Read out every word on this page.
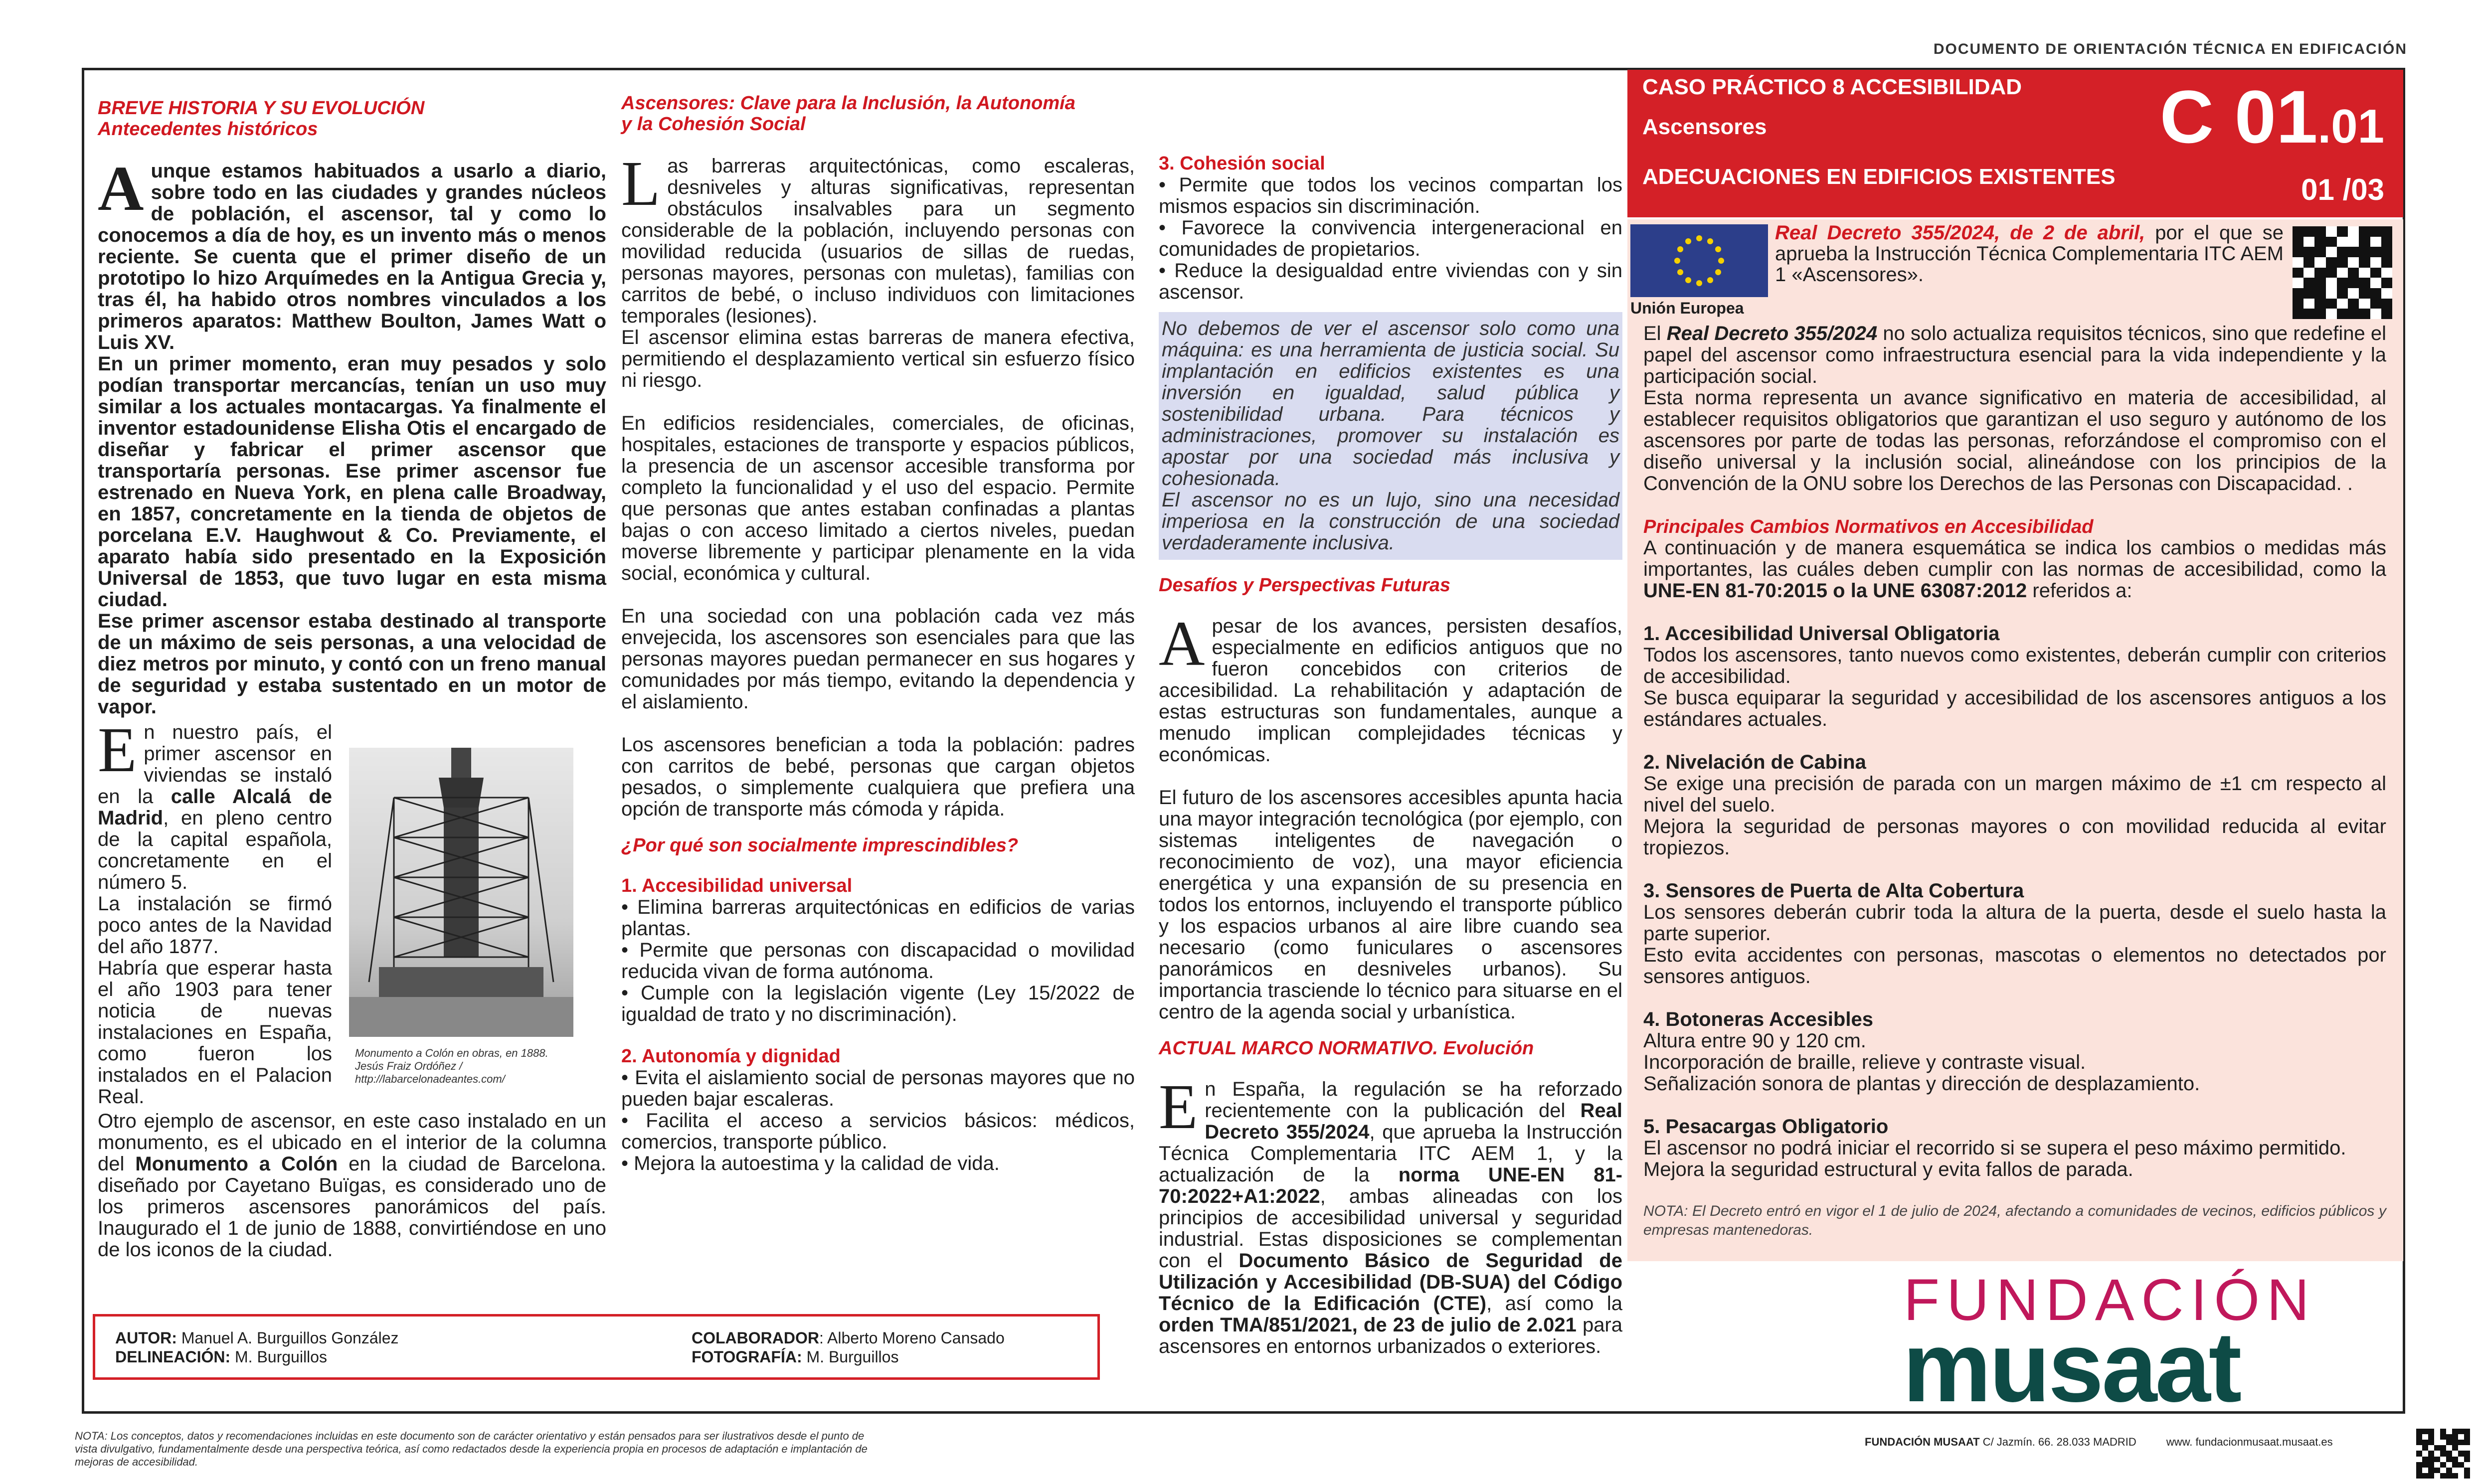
DOCUMENTO DE ORIENTACIÓN TÉCNICA EN EDIFICACIÓN
BREVE HISTORIA Y SU EVOLUCIÓN
Antecedentes históricos

Aunque estamos habituados a usarlo a diario, sobre todo en las ciudades y grandes núcleos de población, el ascensor, tal y como lo conocemos a día de hoy, es un invento más o menos reciente. Se cuenta que el primer diseño de un prototipo lo hizo Arquímedes en la Antigua Grecia y, tras él, ha habido otros nombres vinculados a los primeros aparatos: Matthew Boulton, James Watt o Luis XV.

En un primer momento, eran muy pesados y solo podían transportar mercancías, tenían un uso muy similar a los actuales montacargas. Ya finalmente el inventor estadounidense Elisha Otis el encargado de diseñar y fabricar el primer ascensor que transportaría personas. Ese primer ascensor fue estrenado en Nueva York, en plena calle Broadway, en 1857, concretamente en la tienda de objetos de porcelana E.V. Haughwout & Co. Previamente, el aparato había sido presentado en la Exposición Universal de 1853, que tuvo lugar en esta misma ciudad.

Ese primer ascensor estaba destinado al transporte de un máximo de seis personas, a una velocidad de diez metros por minuto, y contó con un freno manual de seguridad y estaba sustentado en un motor de vapor.

En nuestro país, el primer ascensor en viviendas se instaló en la calle Alcalá de Madrid, en pleno centro de la capital española, concretamente en el número 5.

La instalación se firmó poco antes de la Navidad del año 1877.

Habría que esperar hasta el año 1903 para tener noticia de nuevas instalaciones en España, como fueron los instalados en el Palacion Real.

Monumento a Colón en obras, en 1888. Jesús Fraiz Ordóñez / http://labarcelonadeantes.com/

Otro ejemplo de ascensor, en este caso instalado en un monumento, es el ubicado en el interior de la columna del Monumento a Colón en la ciudad de Barcelona. diseñado por Cayetano Buïgas, es considerado uno de los primeros ascensores panorámicos del país. Inaugurado el 1 de junio de 1888, convirtiéndose en uno de los iconos de la ciudad.

Ascensores: Clave para la Inclusión, la Autonomía
y la Cohesión Social

Las barreras arquitectónicas, como escaleras, desniveles y alturas significativas, representan obstáculos insalvables para un segmento considerable de la población, incluyendo personas con movilidad reducida (usuarios de sillas de ruedas, personas mayores, personas con muletas), familias con carritos de bebé, o incluso individuos con limitaciones temporales (lesiones).

El ascensor elimina estas barreras de manera efectiva, permitiendo el desplazamiento vertical sin esfuerzo físico ni riesgo.

En edificios residenciales, comerciales, de oficinas, hospitales, estaciones de transporte y espacios públicos, la presencia de un ascensor accesible transforma por completo la funcionalidad y el uso del espacio. Permite que personas que antes estaban confinadas a plantas bajas o con acceso limitado a ciertos niveles, puedan moverse libremente y participar plenamente en la vida social, económica y cultural.

En una sociedad con una población cada vez más envejecida, los ascensores son esenciales para que las personas mayores puedan permanecer en sus hogares y comunidades por más tiempo, evitando la dependencia y el aislamiento.

Los ascensores benefician a toda la población: padres con carritos de bebé, personas que cargan objetos pesados, o simplemente cualquiera que prefiera una opción de transporte más cómoda y rápida.

¿Por qué son socialmente imprescindibles?
1. Accesibilidad universal
• Elimina barreras arquitectónicas en edificios de varias plantas.
• Permite que personas con discapacidad o movilidad reducida vivan de forma autónoma.
• Cumple con la legislación vigente (Ley 15/2022 de igualdad de trato y no discriminación).
2. Autonomía y dignidad
• Evita el aislamiento social de personas mayores que no pueden bajar escaleras.
• Facilita el acceso a servicios básicos: médicos, comercios, transporte público.
• Mejora la autoestima y la calidad de vida.
3. Cohesión social
• Permite que todos los vecinos compartan los mismos espacios sin discriminación.
• Favorece la convivencia intergeneracional en comunidades de propietarios.
• Reduce la desigualdad entre viviendas con y sin ascensor.

No debemos de ver el ascensor solo como una máquina: es una herramienta de justicia social. Su implantación en edificios existentes es una inversión en igualdad, salud pública y sostenibilidad urbana. Para técnicos y administraciones, promover su instalación es apostar por una sociedad más inclusiva y cohesionada.

El ascensor no es un lujo, sino una necesidad imperiosa en la construcción de una sociedad verdaderamente inclusiva.

Desafíos y Perspectivas Futuras

Apesar de los avances, persisten desafíos, especialmente en edificios antiguos que no fueron concebidos con criterios de accesibilidad. La rehabilitación y adaptación de estas estructuras son fundamentales, aunque a menudo implican complejidades técnicas y económicas.

El futuro de los ascensores accesibles apunta hacia una mayor integración tecnológica (por ejemplo, con sistemas inteligentes de navegación o reconocimiento de voz), una mayor eficiencia energética y una expansión de su presencia en todos los entornos, incluyendo el transporte público y los espacios urbanos al aire libre cuando sea necesario (como funiculares o ascensores panorámicos en desniveles urbanos). Su importancia trasciende lo técnico para situarse en el centro de la agenda social y urbanística.

ACTUAL MARCO NORMATIVO. Evolución

En España, la regulación se ha reforzado recientemente con la publicación del Real Decreto 355/2024, que aprueba la Instrucción Técnica Complementaria ITC AEM 1, y la actualización de la norma UNE-EN 81-70:2022+A1:2022, ambas alineadas con los principios de accesibilidad universal y seguridad industrial. Estas disposiciones se complementan con el Documento Básico de Seguridad de Utilización y Accesibilidad (DB-SUA) del Código Técnico de la Edificación (CTE), así como la orden TMA/851/2021, de 23 de julio de 2.021 para ascensores en entornos urbanizados o exteriores.

CASO PRÁCTICO 8 ACCESIBILIDAD
Ascensores
ADECUACIONES EN EDIFICIOS EXISTENTES
C 01.01
01 /03
Unión Europea
Real Decreto 355/2024, de 2 de abril, por el que se aprueba la Instrucción Técnica Complementaria ITC AEM 1 «Ascensores».

El Real Decreto 355/2024 no solo actualiza requisitos técnicos, sino que redefine el papel del ascensor como infraestructura esencial para la vida independiente y la participación social.

Esta norma representa un avance significativo en materia de accesibilidad, al establecer requisitos obligatorios que garantizan el uso seguro y autónomo de los ascensores por parte de todas las personas, reforzándose el compromiso con el diseño universal y la inclusión social, alineándose con los principios de la Convención de la ONU sobre los Derechos de las Personas con Discapacidad. .

Principales Cambios Normativos en Accesibilidad

A continuación y de manera esquemática se indica los cambios o medidas más importantes, las cuáles deben cumplir con las normas de accesibilidad, como la UNE-EN 81-70:2015 o la UNE 63087:2012 referidos a:

1. Accesibilidad Universal Obligatoria

Todos los ascensores, tanto nuevos como existentes, deberán cumplir con criterios de accesibilidad.

Se busca equiparar la seguridad y accesibilidad de los ascensores antiguos a los estándares actuales.

2. Nivelación de Cabina

Se exige una precisión de parada con un margen máximo de ±1 cm respecto al nivel del suelo.

Mejora la seguridad de personas mayores o con movilidad reducida al evitar tropiezos.

3. Sensores de Puerta de Alta Cobertura

Los sensores deberán cubrir toda la altura de la puerta, desde el suelo hasta la parte superior.

Esto evita accidentes con personas, mascotas o elementos no detectados por sensores antiguos.

4. Botoneras Accesibles

Altura entre 90 y 120 cm.

Incorporación de braille, relieve y contraste visual.

Señalización sonora de plantas y dirección de desplazamiento.

5. Pesacargas Obligatorio

El ascensor no podrá iniciar el recorrido si se supera el peso máximo permitido.

Mejora la seguridad estructural y evita fallos de parada.

NOTA: El Decreto entró en vigor el 1 de julio de 2024, afectando a comunidades de vecinos, edificios públicos y empresas mantenedoras.

FUNDACIÓN
musaat
AUTOR: Manuel A. Burguillos González
DELINEACIÓN: M. Burguillos
COLABORADOR: Alberto Moreno Cansado
FOTOGRAFÍA: M. Burguillos
NOTA: Los conceptos, datos y recomendaciones incluidas en este documento son de carácter orientativo y están pensados para ser ilustrativos desde el punto de vista divulgativo, fundamentalmente desde una perspectiva teórica, así como redactados desde la experiencia propia en procesos de adaptación e implantación de mejoras de accesibilidad.
FUNDACIÓN MUSAAT C/ Jazmín. 66. 28.033 MADRID	www. fundacionmusaat.musaat.es
